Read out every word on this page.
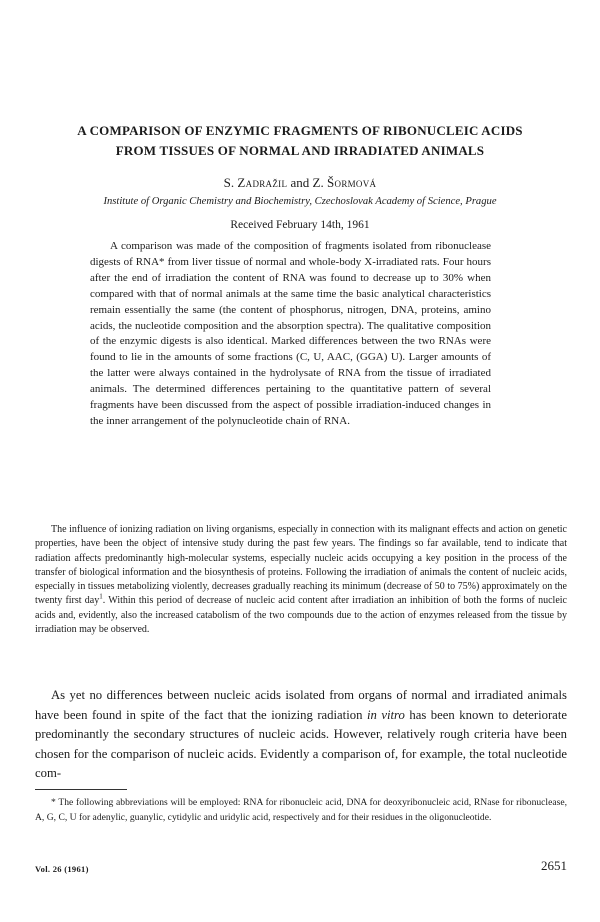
A COMPARISON OF ENZYMIC FRAGMENTS OF RIBONUCLEIC ACIDS
FROM TISSUES OF NORMAL AND IRRADIATED ANIMALS

S. Zadražil and Z. Šormová

Institute of Organic Chemistry and Biochemistry, Czechoslovak Academy of Science, Prague

Received February 14th, 1961

A comparison was made of the composition of fragments isolated from ribonuclease digests of RNA* from liver tissue of normal and whole-body X-irradiated rats. Four hours after the end of irradiation the content of RNA was found to decrease up to 30% when compared with that of normal animals at the same time the basic analytical characteristics remain essentially the same (the content of phosphorus, nitrogen, DNA, proteins, amino acids, the nucleotide composition and the absorption spectra). The qualitative composition of the enzymic digests is also identical. Marked differences between the two RNAs were found to lie in the amounts of some fractions (C, U, AAC, (GGA) U). Larger amounts of the latter were always contained in the hydrolysate of RNA from the tissue of irradiated animals. The determined differences pertaining to the quantitative pattern of several fragments have been discussed from the aspect of possible irradiation-induced changes in the inner arrangement of the polynucleotide chain of RNA.

The influence of ionizing radiation on living organisms, especially in connection with its malignant effects and action on genetic properties, have been the object of intensive study during the past few years. The findings so far available, tend to indicate that radiation affects predominantly high-molecular systems, especially nucleic acids occupying a key position in the process of the transfer of biological information and the biosynthesis of proteins. Following the irradiation of animals the content of nucleic acids, especially in tissues metabolizing violently, decreases gradually reaching its minimum (decrease of 50 to 75%) approximately on the twenty first day$^1$. Within this period of decrease of nucleic acid content after irradiation an inhibition of both the forms of nucleic acids and, evidently, also the increased catabolism of the two compounds due to the action of enzymes released from the tissue by irradiation may be observed.

As yet no differences between nucleic acids isolated from organs of normal and irradiated animals have been found in spite of the fact that the ionizing radiation in vitro has been known to deteriorate predominantly the secondary structures of nucleic acids. However, relatively rough criteria have been chosen for the comparison of nucleic acids. Evidently a comparison of, for example, the total nucleotide com-

* The following abbreviations will be employed: RNA for ribonucleic acid, DNA for deoxyribonucleic acid, RNase for ribonuclease, A, G, C, U for adenylic, guanylic, cytidylic and uridylic acid, respectively and for their residues in the oligonucleotide.

Vol. 26 (1961)	2651
